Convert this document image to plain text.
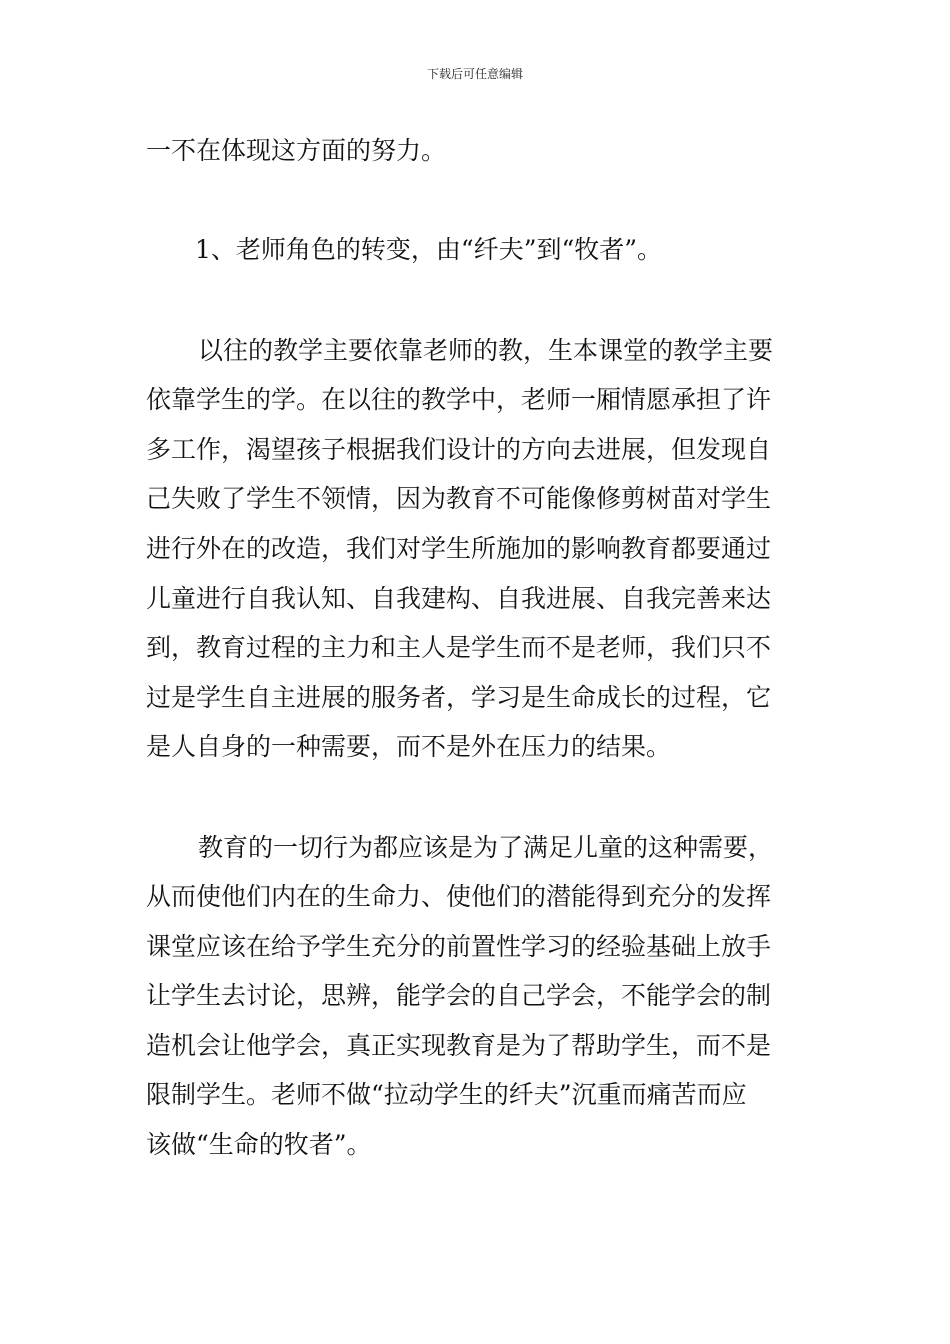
下载后可任意编辑
一不在体现这方面的努力。
1、老师角色的转变，由“纤夫”到“牧者”。
以往的教学主要依靠老师的教，生本课堂的教学主要
依靠学生的学。在以往的教学中，老师一厢情愿承担了许
多工作，渴望孩子根据我们设计的方向去进展，但发现自
己失败了学生不领情，因为教育不可能像修剪树苗对学生
进行外在的改造，我们对学生所施加的影响教育都要通过
儿童进行自我认知、自我建构、自我进展、自我完善来达
到，教育过程的主力和主人是学生而不是老师，我们只不
过是学生自主进展的服务者，学习是生命成长的过程，它
是人自身的一种需要，而不是外在压力的结果。
教育的一切行为都应该是为了满足儿童的这种需要，
从而使他们内在的生命力、使他们的潜能得到充分的发挥
课堂应该在给予学生充分的前置性学习的经验基础上放手
让学生去讨论，思辨，能学会的自己学会，不能学会的制
造机会让他学会，真正实现教育是为了帮助学生，而不是
限制学生。老师不做“拉动学生的纤夫”沉重而痛苦而应
该做“生命的牧者”。
